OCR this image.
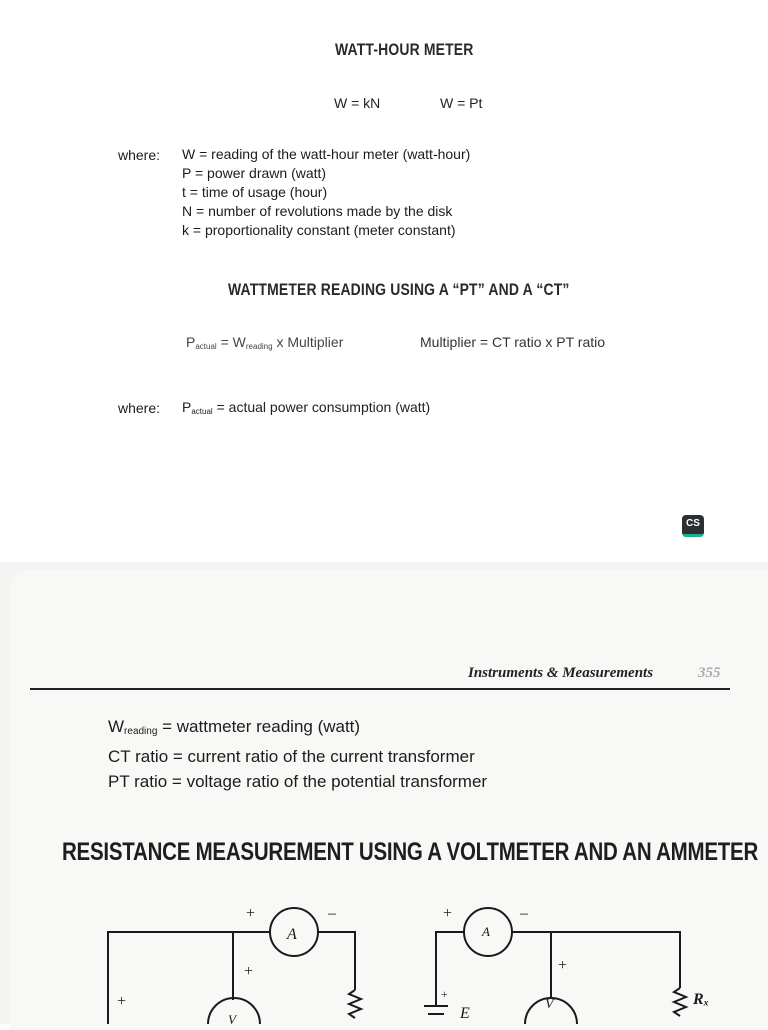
WATT-HOUR METER
W = kN	W = Pt
where: W = reading of the watt-hour meter (watt-hour)
P = power drawn (watt)
t = time of usage (hour)
N = number of revolutions made by the disk
k = proportionality constant (meter constant)
WATTMETER READING USING A “PT” AND A “CT”
$P_{actual} = W_{reading}$ x Multiplier	Multiplier = CT ratio x PT ratio
where: $P_{actual}$ = actual power consumption (watt)
CS
Instruments & Measurements	355
$W_{reading}$ = wattmeter reading (watt)
CT ratio = current ratio of the current transformer
PT ratio = voltage ratio of the potential transformer
RESISTANCE MEASUREMENT USING A VOLTMETER AND AN AMMETER
+	–
A
+
+
V
+	–
A
+
+
E
V	Rₓ
